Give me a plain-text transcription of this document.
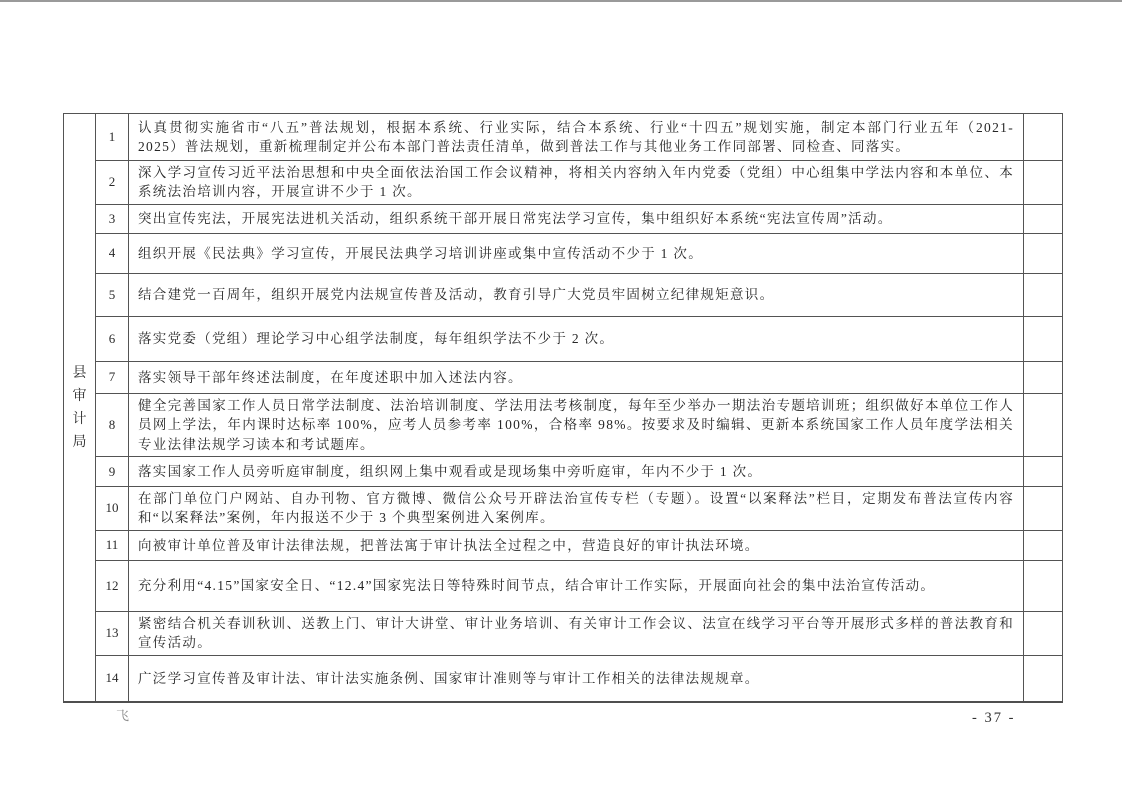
县
审
计
局	1	认真贯彻实施省市“八五”普法规划，根据本系统、行业实际，结合本系统、行业“十四五”规划实施，制定本部门行业五年（2021-2025）普法规划，重新梳理制定并公布本部门普法责任清单，做到普法工作与其他业务工作同部署、同检查、同落实。	
	2	深入学习宣传习近平法治思想和中央全面依法治国工作会议精神，将相关内容纳入年内党委（党组）中心组集中学法内容和本单位、本系统法治培训内容，开展宣讲不少于 1 次。	
	3	突出宣传宪法，开展宪法进机关活动，组织系统干部开展日常宪法学习宣传，集中组织好本系统“宪法宣传周”活动。	
	4	组织开展《民法典》学习宣传，开展民法典学习培训讲座或集中宣传活动不少于 1 次。	
	5	结合建党一百周年，组织开展党内法规宣传普及活动，教育引导广大党员牢固树立纪律规矩意识。	
	6	落实党委（党组）理论学习中心组学法制度，每年组织学法不少于 2 次。	
	7	落实领导干部年终述法制度，在年度述职中加入述法内容。	
	8	健全完善国家工作人员日常学法制度、法治培训制度、学法用法考核制度，每年至少举办一期法治专题培训班；组织做好本单位工作人员网上学法，年内课时达标率 100%，应考人员参考率 100%，合格率 98%。按要求及时编辑、更新本系统国家工作人员年度学法相关专业法律法规学习读本和考试题库。	
	9	落实国家工作人员旁听庭审制度，组织网上集中观看或是现场集中旁听庭审，年内不少于 1 次。	
	10	在部门单位门户网站、自办刊物、官方微博、微信公众号开辟法治宣传专栏（专题）。设置“以案释法”栏目，定期发布普法宣传内容和“以案释法”案例，年内报送不少于 3 个典型案例进入案例库。	
	11	向被审计单位普及审计法律法规，把普法寓于审计执法全过程之中，营造良好的审计执法环境。	
	12	充分利用“4.15”国家安全日、“12.4”国家宪法日等特殊时间节点，结合审计工作实际，开展面向社会的集中法治宣传活动。	
	13	紧密结合机关春训秋训、送教上门、审计大讲堂、审计业务培训、有关审计工作会议、法宣在线学习平台等开展形式多样的普法教育和宣传活动。	
	14	广泛学习宣传普及审计法、审计法实施条例、国家审计准则等与审计工作相关的法律法规规章。	
飞	- 37 -
